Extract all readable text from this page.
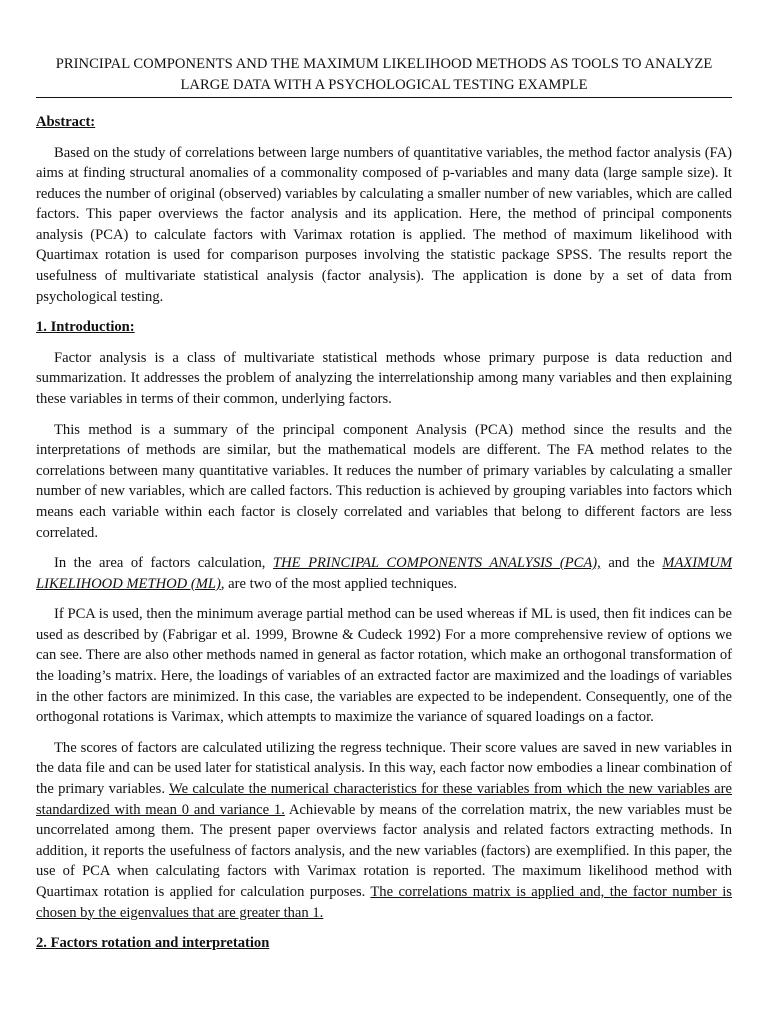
PRINCIPAL COMPONENTS AND THE MAXIMUM LIKELIHOOD METHODS AS TOOLS TO ANALYZE LARGE DATA WITH A PSYCHOLOGICAL TESTING EXAMPLE
Abstract:

Based on the study of correlations between large numbers of quantitative variables, the method factor analysis (FA) aims at finding structural anomalies of a commonality composed of p-variables and many data (large sample size). It reduces the number of original (observed) variables by calculating a smaller number of new variables, which are called factors. This paper overviews the factor analysis and its application. Here, the method of principal components analysis (PCA) to calculate factors with Varimax rotation is applied. The method of maximum likelihood with Quartimax rotation is used for comparison purposes involving the statistic package SPSS. The results report the usefulness of multivariate statistical analysis (factor analysis). The application is done by a set of data from psychological testing.

1. Introduction:

Factor analysis is a class of multivariate statistical methods whose primary purpose is data reduction and summarization. It addresses the problem of analyzing the interrelationship among many variables and then explaining these variables in terms of their common, underlying factors.

This method is a summary of the principal component Analysis (PCA) method since the results and the interpretations of methods are similar, but the mathematical models are different. The FA method relates to the correlations between many quantitative variables. It reduces the number of primary variables by calculating a smaller number of new variables, which are called factors. This reduction is achieved by grouping variables into factors which means each variable within each factor is closely correlated and variables that belong to different factors are less correlated.

In the area of factors calculation, THE PRINCIPAL COMPONENTS ANALYSIS (PCA), and the MAXIMUM LIKELIHOOD METHOD (ML), are two of the most applied techniques.

If PCA is used, then the minimum average partial method can be used whereas if ML is used, then fit indices can be used as described by (Fabrigar et al. 1999, Browne & Cudeck 1992) For a more comprehensive review of options we can see. There are also other methods named in general as factor rotation, which make an orthogonal transformation of the loading’s matrix. Here, the loadings of variables of an extracted factor are maximized and the loadings of variables in the other factors are minimized. In this case, the variables are expected to be independent. Consequently, one of the orthogonal rotations is Varimax, which attempts to maximize the variance of squared loadings on a factor.

The scores of factors are calculated utilizing the regress technique. Their score values are saved in new variables in the data file and can be used later for statistical analysis. In this way, each factor now embodies a linear combination of the primary variables. We calculate the numerical characteristics for these variables from which the new variables are standardized with mean 0 and variance 1. Achievable by means of the correlation matrix, the new variables must be uncorrelated among them. The present paper overviews factor analysis and related factors extracting methods. In addition, it reports the usefulness of factors analysis, and the new variables (factors) are exemplified. In this paper, the use of PCA when calculating factors with Varimax rotation is reported. The maximum likelihood method with Quartimax rotation is applied for calculation purposes. The correlations matrix is applied and, the factor number is chosen by the eigenvalues that are greater than 1.

2. Factors rotation and interpretation
